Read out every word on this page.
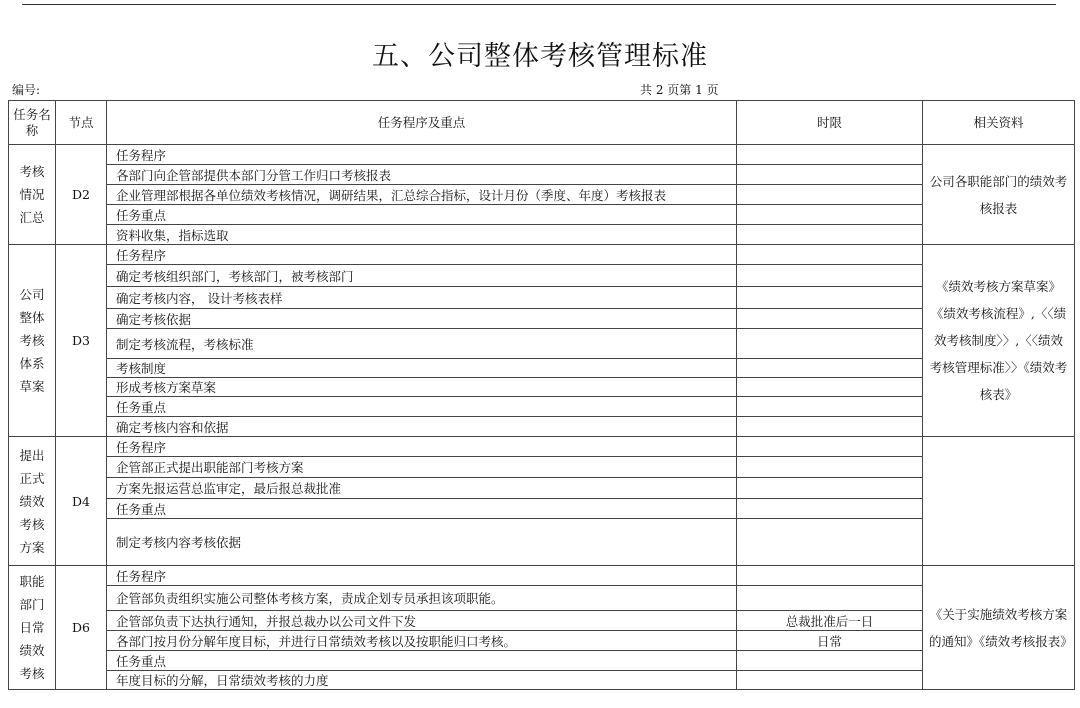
五、公司整体考核管理标准
编号:	共 2 页第 1 页
任务名称	节点	任务程序及重点	时限	相关资料
考核情况汇总	D2	任务程序		公司各职能部门的绩效考核报表
		各部门向企管部提供本部门分管工作归口考核报表		
		企业管理部根据各单位绩效考核情况，调研结果，汇总综合指标，设计月份（季度、年度）考核报表		
		任务重点		
		资料收集，指标选取		
公司整体考核体系草案	D3	任务程序		《绩效考核方案草案》《绩效考核流程》,〈〈绩效考核制度〉〉,〈〈绩效考核管理标准〉〉《绩效考核表》
		确定考核组织部门，考核部门，被考核部门		
		确定考核内容， 设计考核表样		
		确定考核依据		
		制定考核流程，考核标准		
		考核制度		
		形成考核方案草案		
		任务重点		
		确定考核内容和依据		
提出正式绩效考核方案	D4	任务程序		
		企管部正式提出职能部门考核方案		
		方案先报运营总监审定，最后报总裁批准		
		任务重点		
		制定考核内容考核依据		
职能部门日常绩效考核	D6	任务程序		《关于实施绩效考核方案的通知》《绩效考核报表》
		企管部负责组织实施公司整体考核方案，责成企划专员承担该项职能。		
		企管部负责下达执行通知，并报总裁办以公司文件下发	总裁批准后一日	
		各部门按月份分解年度目标，并进行日常绩效考核以及按职能归口考核。	日常	
		任务重点		
		年度目标的分解，日常绩效考核的力度		
